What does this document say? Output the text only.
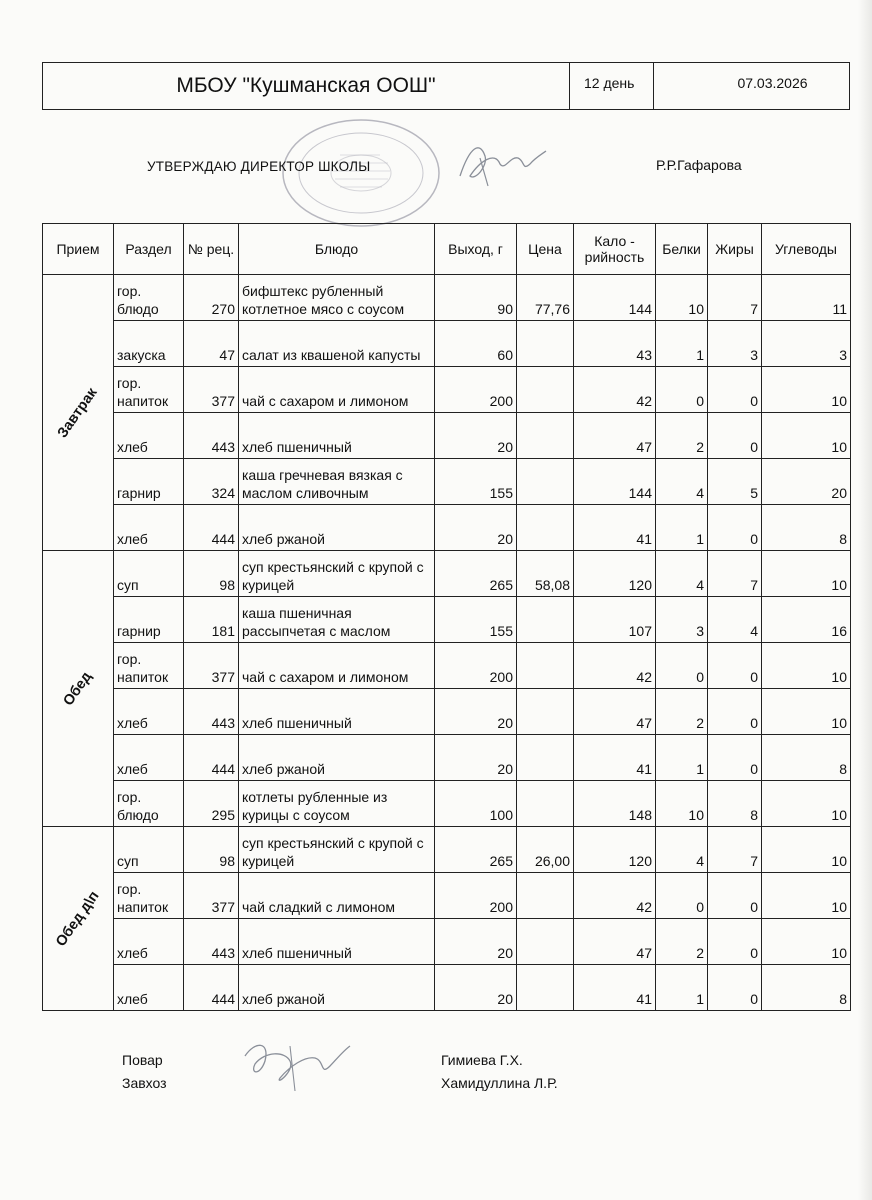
МБОУ "Кушманская ООШ"	12 день	07.03.2026
УТВЕРЖДАЮ ДИРЕКТОР ШКОЛЫ	Р.Р.Гафарова
Прием	Раздел	№ рец.	Блюдо	Выход, г	Цена	Кало - рийность	Белки	Жиры	Углеводы
Завтрак	гор. блюдо	270	бифштекс рубленный котлетное мясо с соусом	90	77,76	144	10	7	11
	закуска	47	салат из квашеной капусты	60		43	1	3	3
	гор. напиток	377	чай с сахаром и лимоном	200		42	0	0	10
	хлеб	443	хлеб пшеничный	20		47	2	0	10
	гарнир	324	каша гречневая вязкая с маслом сливочным	155		144	4	5	20
	хлеб	444	хлеб ржаной	20		41	1	0	8
Обед	суп	98	суп крестьянский с крупой с курицей	265	58,08	120	4	7	10
	гарнир	181	каша пшеничная рассыпчетая с маслом	155		107	3	4	16
	гор. напиток	377	чай с сахаром и лимоном	200		42	0	0	10
	хлеб	443	хлеб пшеничный	20		47	2	0	10
	хлеб	444	хлеб ржаной	20		41	1	0	8
	гор. блюдо	295	котлеты рубленные из курицы с соусом	100		148	10	8	10
Обед д\п	суп	98	суп крестьянский с крупой с курицей	265	26,00	120	4	7	10
	гор. напиток	377	чай сладкий с лимоном	200		42	0	0	10
	хлеб	443	хлеб пшеничный	20		47	2	0	10
	хлеб	444	хлеб ржаной	20		41	1	0	8
Повар	Гимиева Г.Х.
Завхоз	Хамидуллина Л.Р.
